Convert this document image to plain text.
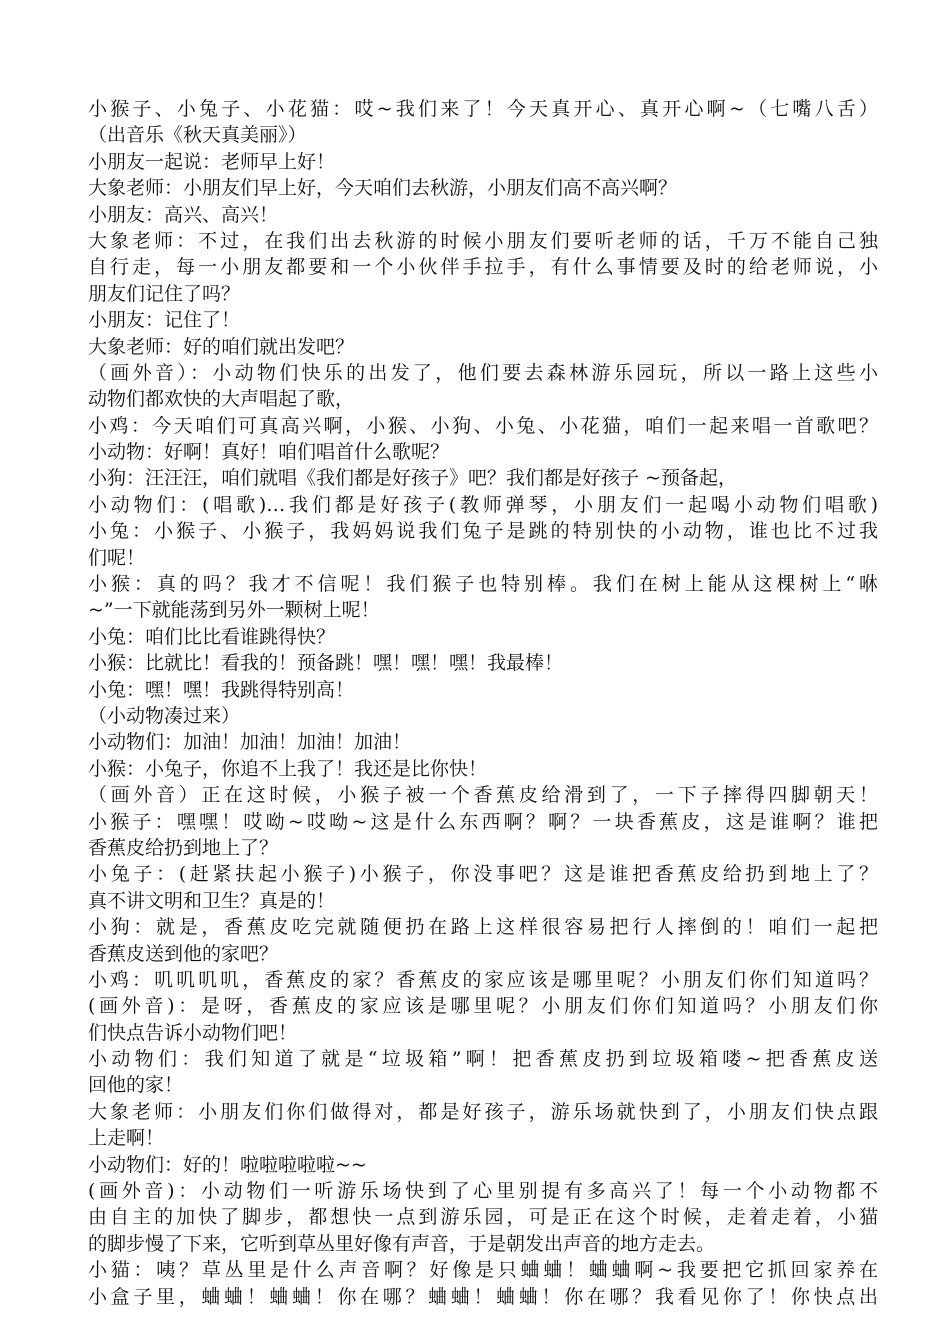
小猴子、小兔子、小花猫：哎~我们来了！今天真开心、真开心啊~（七嘴八舌）
（出音乐《秋天真美丽》）
小朋友一起说：老师早上好！
大象老师：小朋友们早上好，今天咱们去秋游，小朋友们高不高兴啊？
小朋友：高兴、高兴！
大象老师：不过，在我们出去秋游的时候小朋友们要听老师的话，千万不能自己独
自行走，每一小朋友都要和一个小伙伴手拉手，有什么事情要及时的给老师说，小
朋友们记住了吗？
小朋友：记住了！
大象老师：好的咱们就出发吧？
（画外音）：小动物们快乐的出发了，他们要去森林游乐园玩，所以一路上这些小
动物们都欢快的大声唱起了歌，
小鸡：今天咱们可真高兴啊，小猴、小狗、小兔、小花猫，咱们一起来唱一首歌吧？
小动物：好啊！真好！咱们唱首什么歌呢？
小狗：汪汪汪，咱们就唱《我们都是好孩子》吧？我们都是好孩子 ~预备起，
小动物们：(唱歌)…我们都是好孩子(教师弹琴，小朋友们一起喝小动物们唱歌)
小兔：小猴子、小猴子，我妈妈说我们兔子是跳的特别快的小动物，谁也比不过我
们呢！
小猴：真的吗？我才不信呢！我们猴子也特别棒。我们在树上能从这棵树上“咻
~”一下就能荡到另外一颗树上呢！
小兔：咱们比比看谁跳得快？
小猴：比就比！看我的！预备跳！嘿！嘿！嘿！我最棒！
小兔：嘿！嘿！我跳得特别高！
（小动物凑过来）
小动物们：加油！加油！加油！加油！
小猴：小兔子，你追不上我了！我还是比你快！
（画外音）正在这时候，小猴子被一个香蕉皮给滑到了，一下子摔得四脚朝天！
小猴子：嘿嘿！哎呦~哎呦~这是什么东西啊？啊？一块香蕉皮，这是谁啊？谁把
香蕉皮给扔到地上了？
小兔子：(赶紧扶起小猴子)小猴子，你没事吧？这是谁把香蕉皮给扔到地上了？
真不讲文明和卫生？真是的！
小狗：就是，香蕉皮吃完就随便扔在路上这样很容易把行人摔倒的！咱们一起把
香蕉皮送到他的家吧？
小鸡：叽叽叽叽，香蕉皮的家？香蕉皮的家应该是哪里呢？小朋友们你们知道吗？
(画外音)：是呀，香蕉皮的家应该是哪里呢？小朋友们你们知道吗？小朋友们你
们快点告诉小动物们吧！
小动物们：我们知道了就是“垃圾箱”啊！把香蕉皮扔到垃圾箱喽~把香蕉皮送
回他的家！
大象老师：小朋友们你们做得对，都是好孩子，游乐场就快到了，小朋友们快点跟
上走啊！
小动物们：好的！啦啦啦啦啦~~
(画外音)：小动物们一听游乐场快到了心里别提有多高兴了！每一个小动物都不
由自主的加快了脚步，都想快一点到游乐园，可是正在这个时候，走着走着，小猫
的脚步慢了下来，它听到草丛里好像有声音，于是朝发出声音的地方走去。
小猫：咦？草丛里是什么声音啊？好像是只蛐蛐！蛐蛐啊~我要把它抓回家养在
小盒子里，蛐蛐！蛐蛐！你在哪？蛐蛐！蛐蛐！你在哪？我看见你了！你快点出
